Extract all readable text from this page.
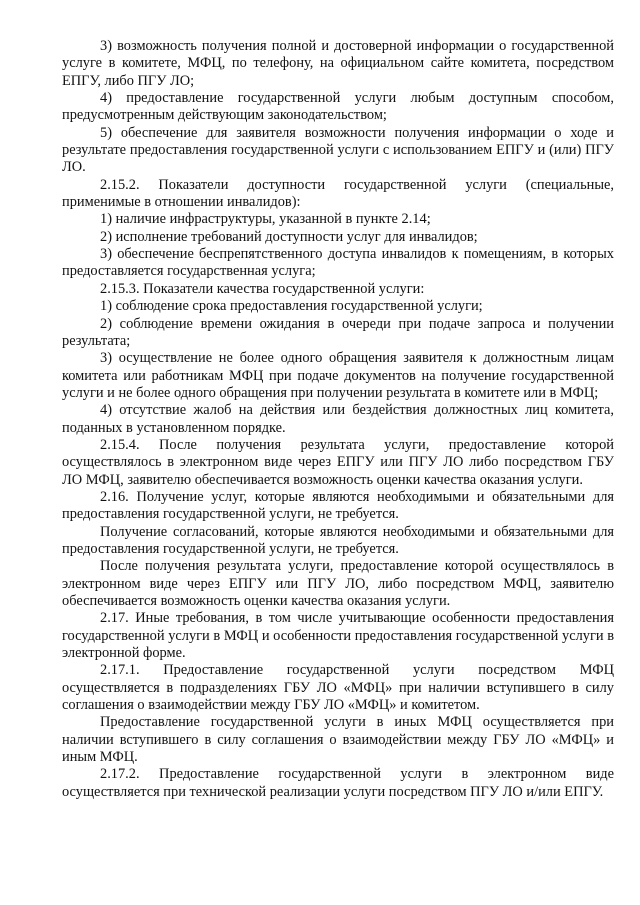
3) возможность получения полной и достоверной информации о государственной услуге в комитете, МФЦ, по телефону, на официальном сайте комитета, посредством ЕПГУ, либо ПГУ ЛО;

4) предоставление государственной услуги любым доступным способом, предусмотренным действующим законодательством;

5) обеспечение для заявителя возможности получения информации о ходе и результате предоставления государственной услуги с использованием ЕПГУ и (или) ПГУ ЛО.

2.15.2. Показатели доступности государственной услуги (специальные, применимые в отношении инвалидов):

1) наличие инфраструктуры, указанной в пункте 2.14;

2) исполнение требований доступности услуг для инвалидов;

3) обеспечение беспрепятственного доступа инвалидов к помещениям, в которых предоставляется государственная услуга;

2.15.3. Показатели качества государственной услуги:

1) соблюдение срока предоставления государственной услуги;

2) соблюдение времени ожидания в очереди при подаче запроса и получении результата;

3) осуществление не более одного обращения заявителя к должностным лицам комитета или работникам МФЦ при подаче документов на получение государственной услуги и не более одного обращения при получении результата в комитете или в МФЦ;

4) отсутствие жалоб на действия или бездействия должностных лиц комитета, поданных в установленном порядке.

2.15.4. После получения результата услуги, предоставление которой осуществлялось в электронном виде через ЕПГУ или ПГУ ЛО либо посредством ГБУ ЛО МФЦ, заявителю обеспечивается возможность оценки качества оказания услуги.

2.16. Получение услуг, которые являются необходимыми и обязательными для предоставления государственной услуги, не требуется.

Получение согласований, которые являются необходимыми и обязательными для предоставления государственной услуги, не требуется.

После получения результата услуги, предоставление которой осуществлялось в электронном виде через ЕПГУ или ПГУ ЛО, либо посредством МФЦ, заявителю обеспечивается возможность оценки качества оказания услуги.

2.17. Иные требования, в том числе учитывающие особенности предоставления государственной услуги в МФЦ и особенности предоставления государственной услуги в электронной форме.

2.17.1. Предоставление государственной услуги посредством МФЦ осуществляется в подразделениях ГБУ ЛО «МФЦ» при наличии вступившего в силу соглашения о взаимодействии между ГБУ ЛО «МФЦ» и комитетом.

Предоставление государственной услуги в иных МФЦ осуществляется при наличии вступившего в силу соглашения о взаимодействии между ГБУ ЛО «МФЦ» и иным МФЦ.

2.17.2. Предоставление государственной услуги в электронном виде осуществляется при технической реализации услуги посредством ПГУ ЛО и/или ЕПГУ.
